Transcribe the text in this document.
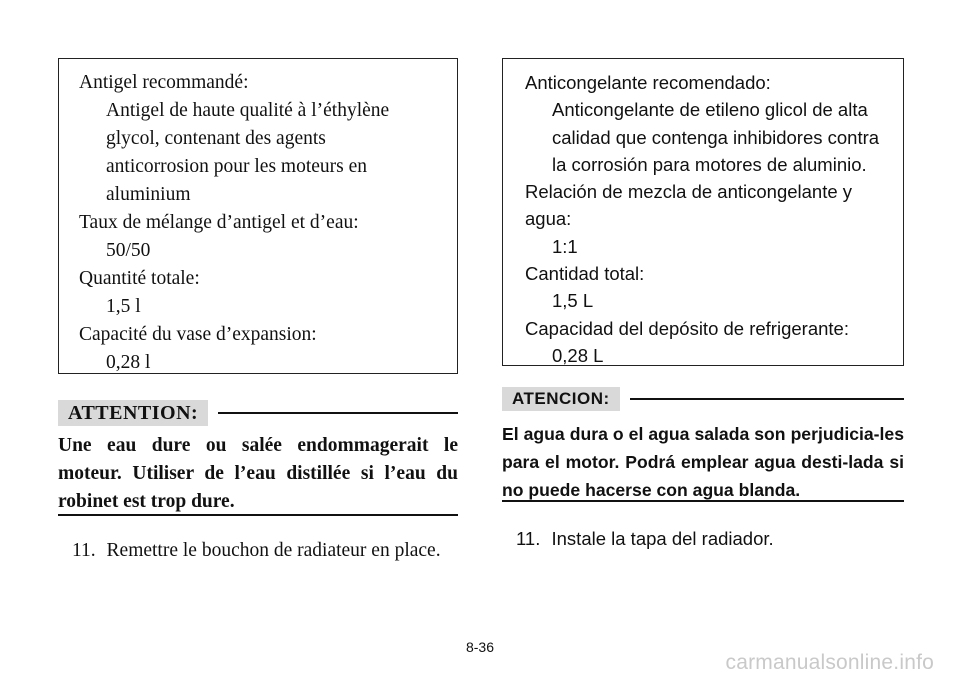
Antigel recommandé:
Antigel de haute qualité à l’éthylène
glycol, contenant des agents
anticorrosion pour les moteurs en
aluminium
Taux de mélange d’antigel et d’eau:
50/50
Quantité totale:
1,5 l
Capacité du vase d’expansion:
0,28 l
ATTENTION:
Une eau dure ou salée endommagerait le moteur. Utiliser de l’eau distillée si l’eau du robinet est trop dure.
11. Remettre le bouchon de radiateur en place.
Anticongelante recomendado:
Anticongelante de etileno glicol de alta
calidad que contenga inhibidores contra
la corrosión para motores de aluminio.
Relación de mezcla de anticongelante y
agua:
1:1
Cantidad total:
1,5 L
Capacidad del depósito de refrigerante:
0,28 L
ATENCION:
El agua dura o el agua salada son perjudicia-les para el motor. Podrá emplear agua desti-lada si no puede hacerse con agua blanda.
11. Instale la tapa del radiador.
8-36
carmanualsonline.info
